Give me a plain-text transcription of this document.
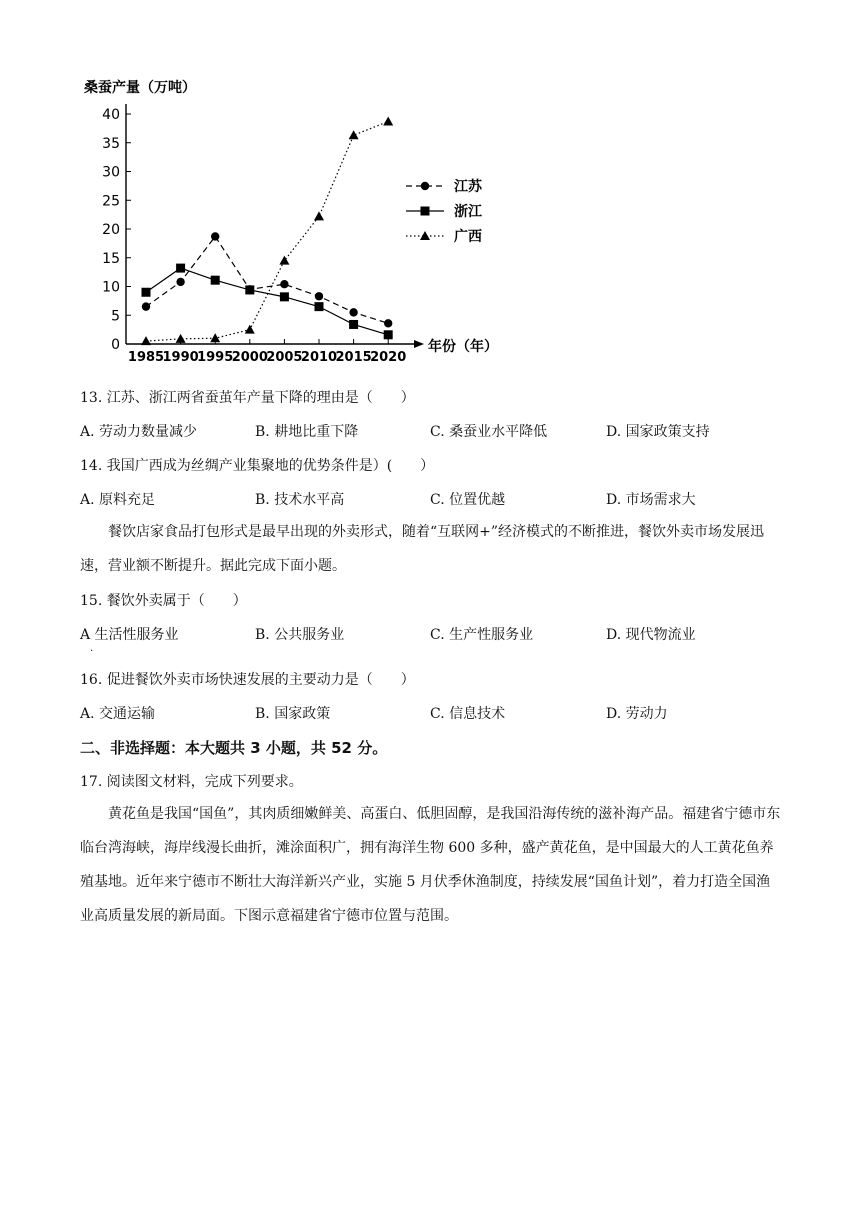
桑蚕产量（万吨）
年份（年）
0
5
10
15
20
25
30
35
40
1985
1990
1995
2000
2005
2010
2015
2020
江苏
浙江
广西
13. 江苏、浙江两省蚕茧年产量下降的理由是（　　）
A. 劳动力数量减少	B. 耕地比重下降	C. 桑蚕业水平降低	D. 国家政策支持
14. 我国广西成为丝绸产业集聚地的优势条件是）(　　）
A. 原料充足	B. 技术水平高	C. 位置优越	D. 市场需求大
餐饮店家食品打包形式是最早出现的外卖形式，随着“互联网+”经济模式的不断推进，餐饮外卖市场发展迅速，营业额不断提升。据此完成下面小题。
15. 餐饮外卖属于（　　）
A 生活性服务业
·
B. 公共服务业	C. 生产性服务业	D. 现代物流业
16. 促进餐饮外卖市场快速发展的主要动力是（　　）
A. 交通运输	B. 国家政策	C. 信息技术	D. 劳动力
二、非选择题：本大题共 3 小题，共 52 分。
17. 阅读图文材料，完成下列要求。
黄花鱼是我国“国鱼”，其肉质细嫩鲜美、高蛋白、低胆固醇，是我国沿海传统的滋补海产品。福建省宁德市东临台湾海峡，海岸线漫长曲折，滩涂面积广，拥有海洋生物 600 多种，盛产黄花鱼，是中国最大的人工黄花鱼养殖基地。近年来宁德市不断壮大海洋新兴产业，实施 5 月伏季休渔制度，持续发展“国鱼计划”，着力打造全国渔业高质量发展的新局面。下图示意福建省宁德市位置与范围。
